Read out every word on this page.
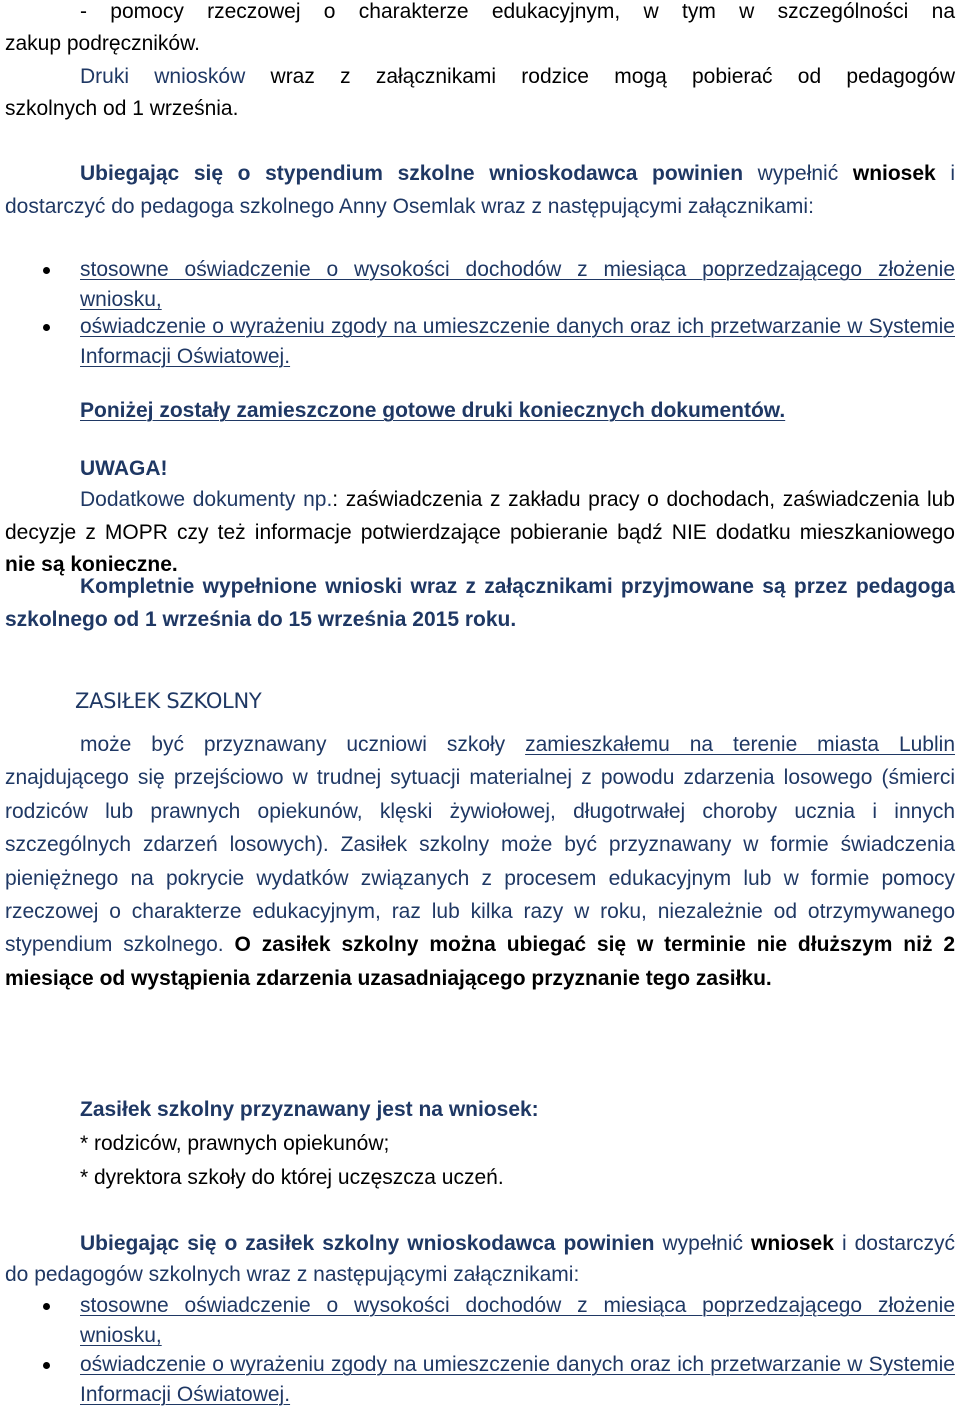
- pomocy rzeczowej o charakterze edukacyjnym, w tym w szczególności na
zakup podręczników.
Druki wniosków wraz z załącznikami rodzice mogą pobierać od pedagogów
szkolnych od 1 września.
Ubiegając się o stypendium szkolne wnioskodawca powinien wypełnić wniosek i dostarczyć do pedagoga szkolnego Anny Osemlak wraz z następującymi załącznikami:
stosowne oświadczenie o wysokości dochodów z miesiąca poprzedzającego złożenie wniosku,
oświadczenie o wyrażeniu zgody na umieszczenie danych oraz ich przetwarzanie w Systemie Informacji Oświatowej.
Poniżej zostały zamieszczone gotowe druki koniecznych dokumentów.
UWAGA!
Dodatkowe dokumenty np.: zaświadczenia z zakładu pracy o dochodach, zaświadczenia lub decyzje z MOPR czy też informacje potwierdzające pobieranie bądź NIE dodatku mieszkaniowego nie są konieczne.
Kompletnie wypełnione wnioski wraz z załącznikami przyjmowane są przez pedagoga szkolnego od 1 września do 15 września 2015 roku.
ZASIŁEK SZKOLNY
może być przyznawany uczniowi szkoły zamieszkałemu na terenie miasta Lublin znajdującego się przejściowo w trudnej sytuacji materialnej z powodu zdarzenia losowego (śmierci rodziców lub prawnych opiekunów, klęski żywiołowej, długotrwałej choroby ucznia i innych szczególnych zdarzeń losowych). Zasiłek szkolny może być przyznawany w formie świadczenia pieniężnego na pokrycie wydatków związanych z procesem edukacyjnym lub w formie pomocy rzeczowej o charakterze edukacyjnym, raz lub kilka razy w roku, niezależnie od otrzymywanego stypendium szkolnego. O zasiłek szkolny można ubiegać się w terminie nie dłuższym niż 2 miesiące od wystąpienia zdarzenia uzasadniającego przyznanie tego zasiłku.
Zasiłek szkolny przyznawany jest na wniosek:
* rodziców, prawnych opiekunów;
* dyrektora szkoły do której uczęszcza uczeń.
Ubiegając się o zasiłek szkolny wnioskodawca powinien wypełnić wniosek i dostarczyć do pedagogów szkolnych wraz z następującymi załącznikami:
stosowne oświadczenie o wysokości dochodów z miesiąca poprzedzającego złożenie wniosku,
oświadczenie o wyrażeniu zgody na umieszczenie danych oraz ich przetwarzanie w Systemie Informacji Oświatowej.
